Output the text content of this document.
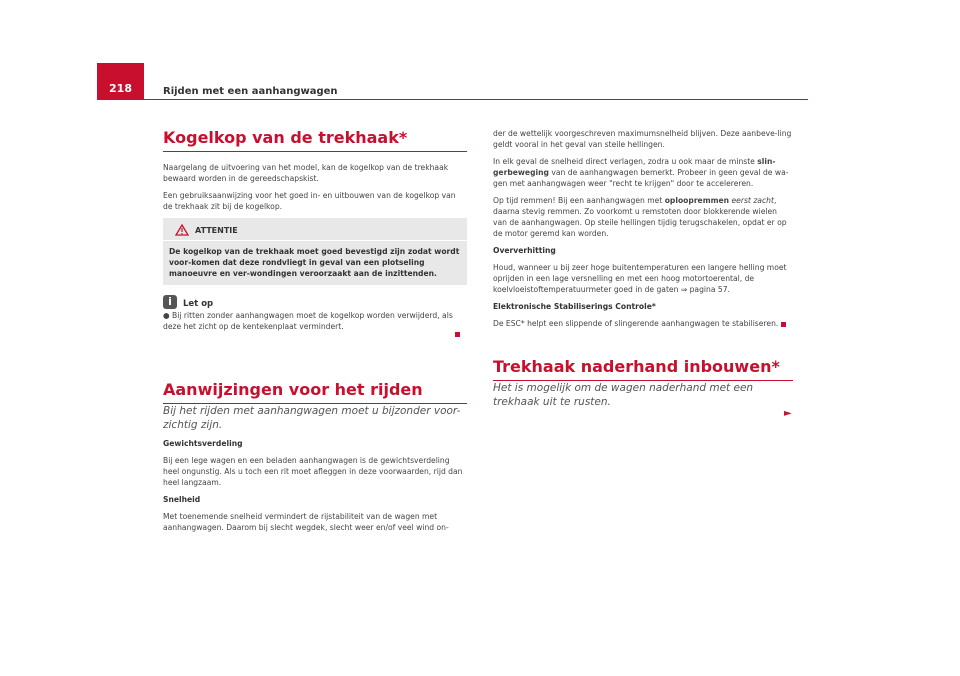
218	Rijden met een aanhangwagen
Kogelkop van de trekhaak*

Naargelang de uitvoering van het model, kan de kogelkop van de trekhaak bewaard worden in de gereedschapskist.

Een gebruiksaanwijzing voor het goed in- en uitbouwen van de kogelkop van de trekhaak zit bij de kogelkop.

ATTENTIE
De kogelkop van de trekhaak moet goed bevestigd zijn zodat wordt voor-komen dat deze rondvliegt in geval van een plotseling manoeuvre en ver-wondingen veroorzaakt aan de inzittenden.
i	Let op

● Bij ritten zonder aanhangwagen moet de kogelkop worden verwijderd, als deze het zicht op de kentekenplaat vermindert.

Aanwijzingen voor het rijden

Bij het rijden met aanhangwagen moet u bijzonder voor-zichtig zijn.

Gewichtsverdeling

Bij een lege wagen en een beladen aanhangwagen is de gewichtsverdeling heel ongunstig. Als u toch een rit moet afleggen in deze voorwaarden, rijd dan heel langzaam.

Snelheid

Met toenemende snelheid vermindert de rijstabiliteit van de wagen met aanhangwagen. Daarom bij slecht wegdek, slecht weer en/of veel wind on-

der de wettelijk voorgeschreven maximumsnelheid blijven. Deze aanbeve-ling geldt vooral in het geval van steile hellingen.

In elk geval de snelheid direct verlagen, zodra u ook maar de minste slin-gerbeweging van de aanhangwagen bemerkt. Probeer in geen geval de wa-gen met aanhangwagen weer "recht te krijgen" door te accelereren.

Op tijd remmen! Bij een aanhangwagen met oploopremmen eerst zacht, daarna stevig remmen. Zo voorkomt u remstoten door blokkerende wielen van de aanhangwagen. Op steile hellingen tijdig terugschakelen, opdat er op de motor geremd kan worden.

Oververhitting

Houd, wanneer u bij zeer hoge buitentemperaturen een langere helling moet oprijden in een lage versnelling en met een hoog motortoerental, de koelvloeistoftemperatuurmeter goed in de gaten ⇒ pagina 57.

Elektronische Stabiliserings Controle*

De ESC* helpt een slippende of slingerende aanhangwagen te stabiliseren.

Trekhaak naderhand inbouwen*

Het is mogelijk om de wagen naderhand met een trekhaak uit te rusten.

►
